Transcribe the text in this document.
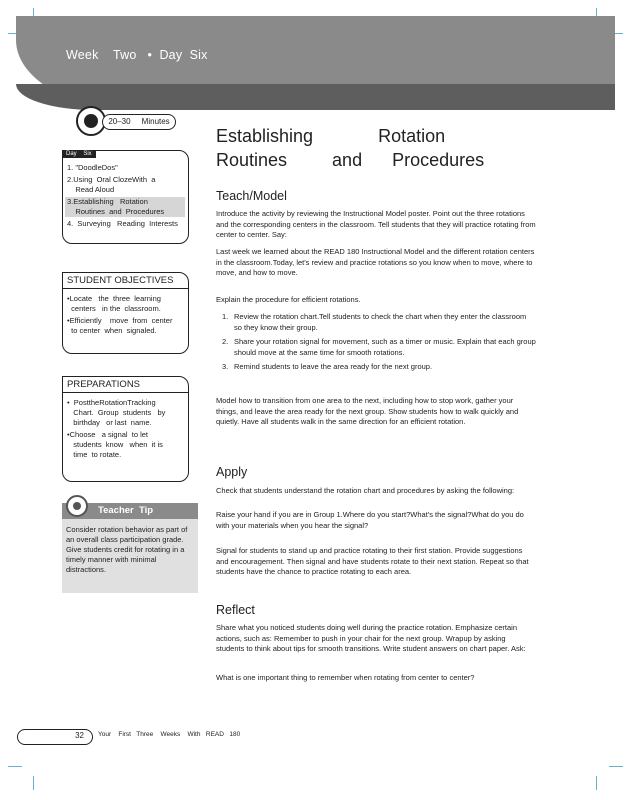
Week    Two   •  Day  Six
20–30     Minutes
Day    Six
1. "DoodleDos"
2.Using  Oral ClozeWith  a
Read Aloud
3.Establishing   Rotation
Routines  and  Procedures
4.  Surveying   Reading  Interests
STUDENT OBJECTIVES
•Locate   the  three  learning
centers   in the  classroom.
•Efficiently    move  from  center
to center  when  signaled.
PREPARATIONS
•  PosttheRotationTracking
Chart.  Group  students   by
birthday   or last  name.
•Choose   a signal  to let
students  know   when  it is
time  to rotate.
Teacher  Tip
Consider rotation behavior as part of an overall class participation grade. Give students credit for rotating in a timely manner with minimal distractions.
Establishing             Rotation
Routines         and      Procedures
Teach/Model
Introduce the activity by reviewing the Instructional Model poster. Point out the three rotations and the corresponding centers in the classroom. Tell students that they will practice rotating from center to center. Say:
Last week we learned about the READ 180 Instructional Model and the different rotation centers in the classroom.Today, let's review and practice rotations so you know when to move, where to move, and how to move.
Explain the procedure for efficient rotations.
1. Review the rotation chart.Tell students to check the chart when they enter the classroom so they know their group.
2. Share your rotation signal for movement, such as a timer or music. Explain that each group should move at the same time for smooth rotations.
3. Remind students to leave the area ready for the next group.
Model how to transition from one area to the next, including how to stop work, gather your things, and leave the area ready for the next group. Show students how to walk quickly and quietly. Have all students walk in the same direction for an efficient rotation.
Apply
Check that students understand the rotation chart and procedures by asking the following:
Raise your hand if you are in Group 1.Where do you start?What's the signal?What do you do with your materials when you hear the signal?
Signal for students to stand up and practice rotating to their first station. Provide suggestions and encouragement. Then signal and have students rotate to their next station. Repeat so that students have the chance to practice rotating to each area.
Reflect
Share what you noticed students doing well during the practice rotation. Emphasize certain actions, such as: Remember to push in your chair for the next group. Wrapup by asking students to think about tips for smooth transitions. Write student answers on chart paper. Ask:
What is one important thing to remember when rotating from center to center?
32 Your    First   Three    Weeks    With   READ   180
